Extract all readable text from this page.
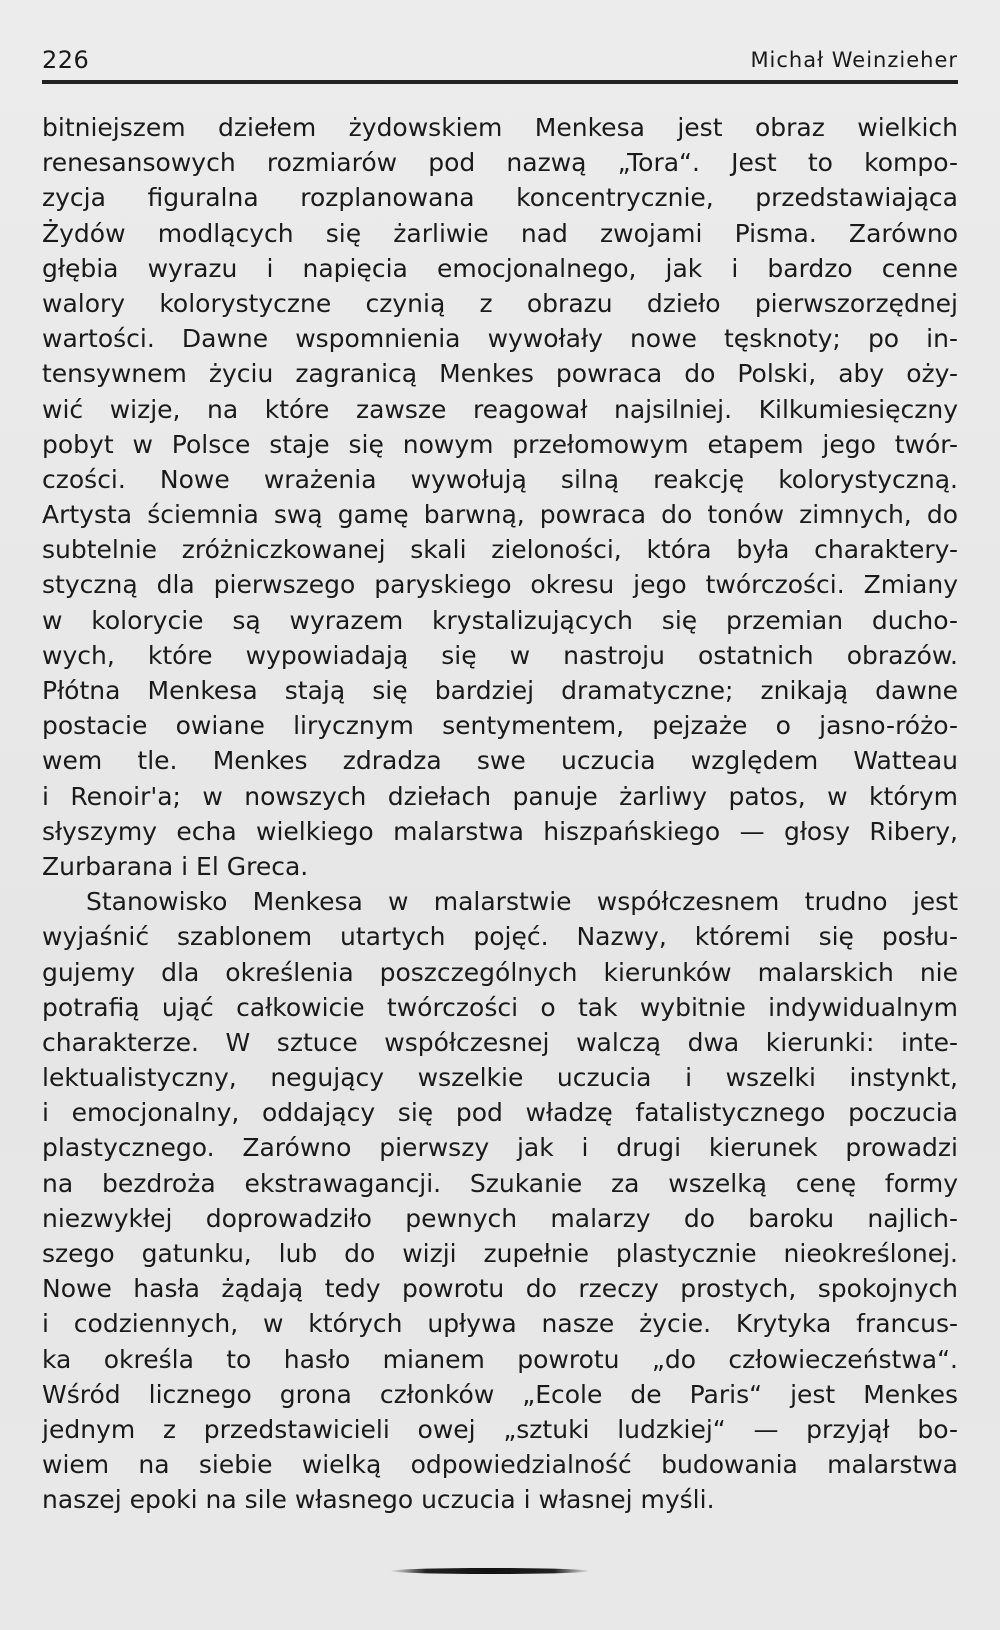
226	Michał Weinzieher
bitniejszem dziełem żydowskiem Menkesa jest obraz wielkich
renesansowych rozmiarów pod nazwą „Tora“. Jest to kompo-
zycja figuralna rozplanowana koncentrycznie, przedstawiająca
Żydów modlących się żarliwie nad zwojami Pisma. Zarówno
głębia wyrazu i napięcia emocjonalnego, jak i bardzo cenne
walory kolorystyczne czynią z obrazu dzieło pierwszorzędnej
wartości. Dawne wspomnienia wywołały nowe tęsknoty; po in-
tensywnem życiu zagranicą Menkes powraca do Polski, aby oży-
wić wizje, na które zawsze reagował najsilniej. Kilkumiesięczny
pobyt w Polsce staje się nowym przełomowym etapem jego twór-
czości. Nowe wrażenia wywołują silną reakcję kolorystyczną.
Artysta ściemnia swą gamę barwną, powraca do tonów zimnych, do
subtelnie zróżniczkowanej skali zieloności, która była charaktery-
styczną dla pierwszego paryskiego okresu jego twórczości. Zmiany
w kolorycie są wyrazem krystalizujących się przemian ducho-
wych, które wypowiadają się w nastroju ostatnich obrazów.
Płótna Menkesa stają się bardziej dramatyczne; znikają dawne
postacie owiane lirycznym sentymentem, pejzaże o jasno-różo-
wem tle. Menkes zdradza swe uczucia względem Watteau
i Renoir'a; w nowszych dziełach panuje żarliwy patos, w którym
słyszymy echa wielkiego malarstwa hiszpańskiego — głosy Ribery,
Zurbarana i El Greca.
Stanowisko Menkesa w malarstwie współczesnem trudno jest
wyjaśnić szablonem utartych pojęć. Nazwy, któremi się posłu-
gujemy dla określenia poszczególnych kierunków malarskich nie
potrafią ująć całkowicie twórczości o tak wybitnie indywidualnym
charakterze. W sztuce współczesnej walczą dwa kierunki: inte-
lektualistyczny, negujący wszelkie uczucia i wszelki instynkt,
i emocjonalny, oddający się pod władzę fatalistycznego poczucia
plastycznego. Zarówno pierwszy jak i drugi kierunek prowadzi
na bezdroża ekstrawagancji. Szukanie za wszelką cenę formy
niezwykłej doprowadziło pewnych malarzy do baroku najlich-
szego gatunku, lub do wizji zupełnie plastycznie nieokreślonej.
Nowe hasła żądają tedy powrotu do rzeczy prostych, spokojnych
i codziennych, w których upływa nasze życie. Krytyka francus-
ka określa to hasło mianem powrotu „do człowieczeństwa“.
Wśród licznego grona członków „Ecole de Paris“ jest Menkes
jednym z przedstawicieli owej „sztuki ludzkiej“ — przyjął bo-
wiem na siebie wielką odpowiedzialność budowania malarstwa
naszej epoki na sile własnego uczucia i własnej myśli.
